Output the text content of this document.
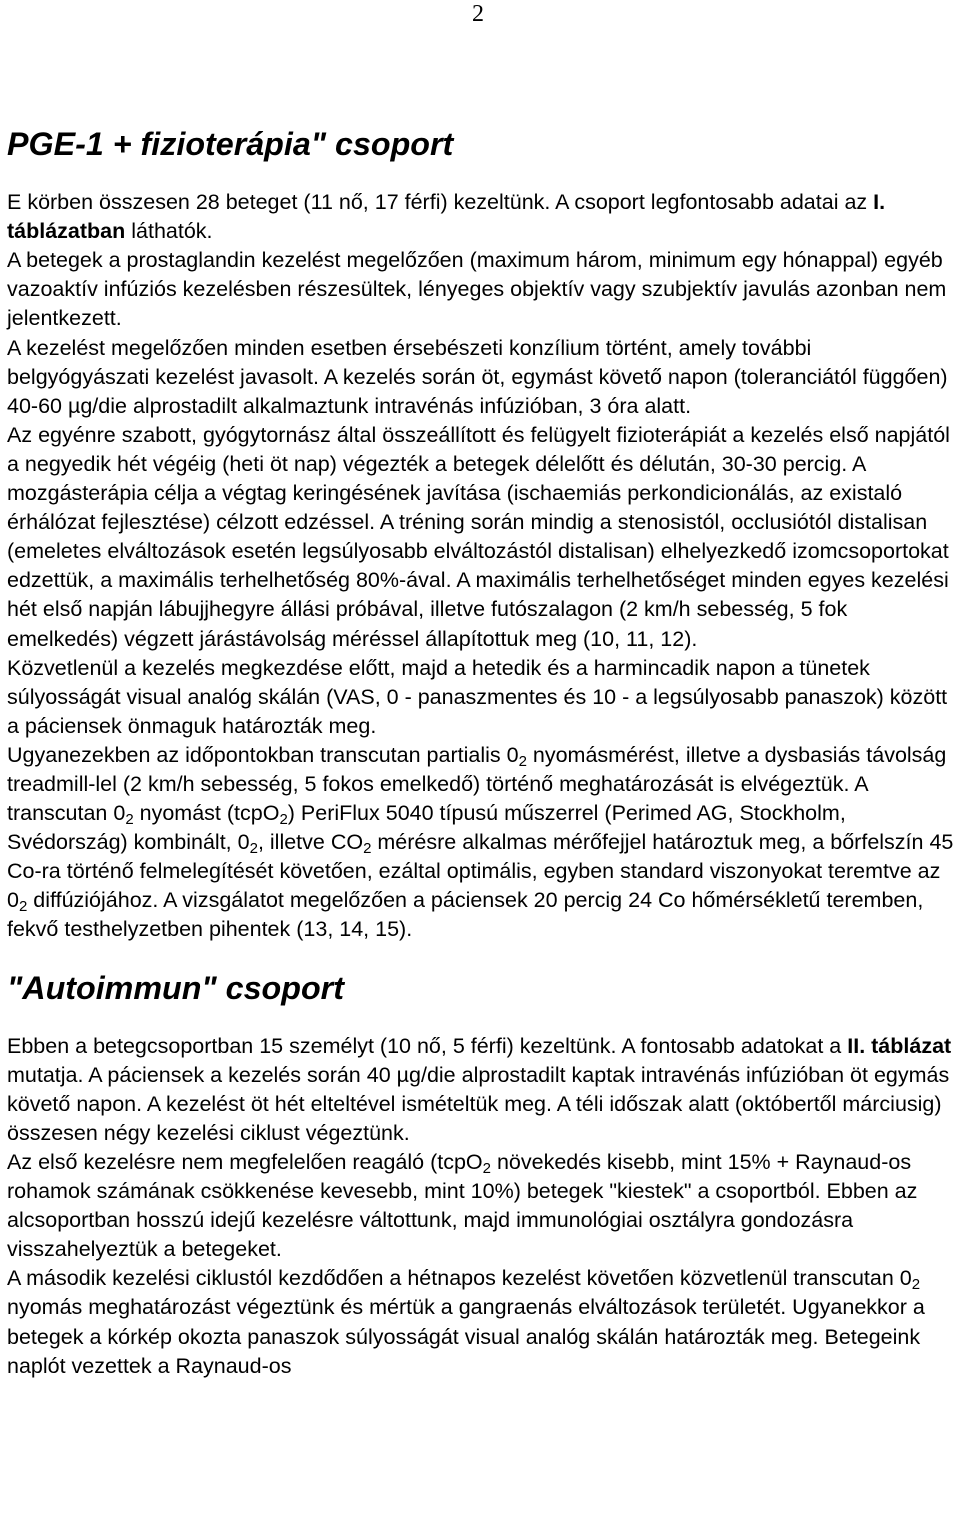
2
PGE-1 + fizioterápia" csoport

E körben összesen 28 beteget (11 nő, 17 férfi) kezeltünk. A csoport legfontosabb adatai az I. táblázatban láthatók.

A betegek a prostaglandin kezelést megelőzően (maximum három, minimum egy hónappal) egyéb vazoaktív infúziós kezelésben részesültek, lényeges objektív vagy szubjektív javulás azonban nem jelentkezett.

A kezelést megelőzően minden esetben érsebészeti konzílium történt, amely további belgyógyászati kezelést javasolt. A kezelés során öt, egymást követő napon (toleranciától függően) 40-60 µg/die alprostadilt alkalmaztunk intravénás infúzióban, 3 óra alatt.

Az egyénre szabott, gyógytornász által összeállított és felügyelt fizioterápiát a kezelés első napjától a negyedik hét végéig (heti öt nap) végezték a betegek délelőtt és délután, 30-30 percig. A mozgásterápia célja a végtag keringésének javítása (ischaemiás perkondicionálás, az existaló érhálózat fejlesztése) célzott edzéssel. A tréning során mindig a stenosistól, occlusiótól distalisan (emeletes elváltozások esetén legsúlyosabb elváltozástól distalisan) elhelyezkedő izomcsoportokat edzettük, a maximális terhelhetőség 80%-ával. A maximális terhelhetőséget minden egyes kezelési hét első napján lábujjhegyre állási próbával, illetve futószalagon (2 km/h sebesség, 5 fok emelkedés) végzett járástávolság méréssel állapítottuk meg (10, 11, 12).

Közvetlenül a kezelés megkezdése előtt, majd a hetedik és a harmincadik napon a tünetek súlyosságát visual analóg skálán (VAS, 0 - panaszmentes és 10 - a legsúlyosabb panaszok) között a páciensek önmaguk határozták meg.

Ugyanezekben az időpontokban transcutan partialis $0_2$ nyomásmérést, illetve a dysbasiás távolság treadmill-lel (2 km/h sebesség, 5 fokos emelkedő) történő meghatározását is elvégeztük. A transcutan $0_2$ nyomást (tcpO$_2$) PeriFlux 5040 típusú műszerrel (Perimed AG, Stockholm, Svédország) kombinált, $0_2$, illetve $CO_2$ mérésre alkalmas mérőfejjel határoztuk meg, a bőrfelszín 45 Co-ra történő felmelegítését követően, ezáltal optimális, egyben standard viszonyokat teremtve az $0_2$ diffúziójához. A vizsgálatot megelőzően a páciensek 20 percig 24 Co hőmérsékletű teremben, fekvő testhelyzetben pihentek (13, 14, 15).

"Autoimmun" csoport

Ebben a betegcsoportban 15 személyt (10 nő, 5 férfi) kezeltünk. A fontosabb adatokat a II. táblázat mutatja. A páciensek a kezelés során 40 µg/die alprostadilt kaptak intravénás infúzióban öt egymás követő napon. A kezelést öt hét elteltével ismételtük meg. A téli időszak alatt (októbertől márciusig) összesen négy kezelési ciklust végeztünk.

Az első kezelésre nem megfelelően reagáló (tcpO$_2$ növekedés kisebb, mint 15% + Raynaud-os rohamok számának csökkenése kevesebb, mint 10%) betegek "kiestek" a csoportból. Ebben az alcsoportban hosszú idejű kezelésre váltottunk, majd immunológiai osztályra gondozásra visszahelyeztük a betegeket.

A második kezelési ciklustól kezdődően a hétnapos kezelést követően közvetlenül transcutan $0_2$ nyomás meghatározást végeztünk és mértük a gangraenás elváltozások területét. Ugyanekkor a betegek a kórkép okozta panaszok súlyosságát visual analóg skálán határozták meg. Betegeink naplót vezettek a Raynaud-os
